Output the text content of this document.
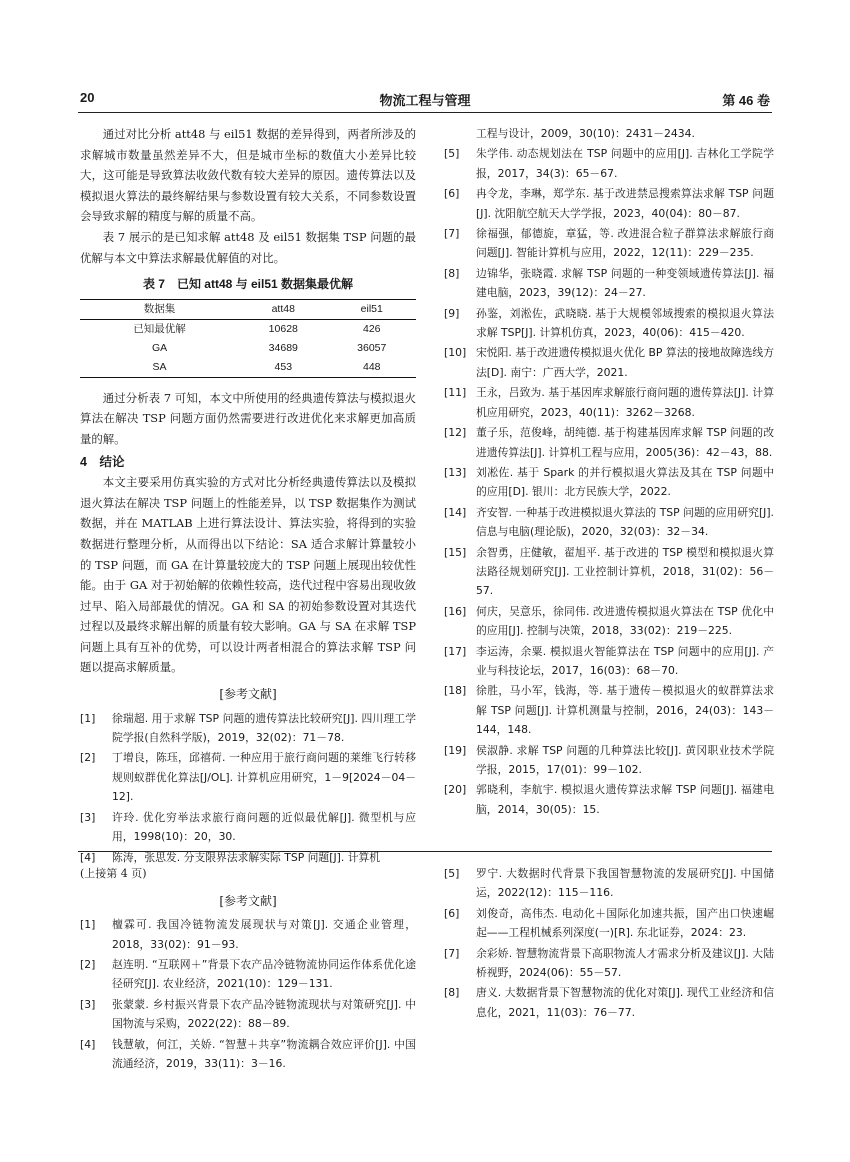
20	物流工程与管理	第 46 卷

通过对比分析 att48 与 eil51 数据的差异得到，两者所涉及的求解城市数量虽然差异不大，但是城市坐标的数值大小差异比较大，这可能是导致算法收敛代数有较大差异的原因。遗传算法以及模拟退火算法的最终解结果与参数设置有较大关系，不同参数设置会导致求解的精度与解的质量不高。

表 7 展示的是已知求解 att48 及 eil51 数据集 TSP 问题的最优解与本文中算法求解最优解值的对比。

表 7　已知 att48 与 eil51 数据集最优解
数据集	att48	eil51
已知最优解	10628	426
GA	34689	36057
SA	453	448

通过分析表 7 可知，本文中所使用的经典遗传算法与模拟退火算法在解决 TSP 问题方面仍然需要进行改进优化来求解更加高质量的解。

4　结论

本文主要采用仿真实验的方式对比分析经典遗传算法以及模拟退火算法在解决 TSP 问题上的性能差异，以 TSP 数据集作为测试数据，并在 MATLAB 上进行算法设计、算法实验，将得到的实验数据进行整理分析，从而得出以下结论：SA 适合求解计算量较小的 TSP 问题，而 GA 在计算量较庞大的 TSP 问题上展现出较优性能。由于 GA 对于初始解的依赖性较高，迭代过程中容易出现收敛过早、陷入局部最优的情况。GA 和 SA 的初始参数设置对其迭代过程以及最终求解出解的质量有较大影响。GA 与 SA 在求解 TSP 问题上具有互补的优势，可以设计两者相混合的算法求解 TSP 问题以提高求解质量。

[参考文献]
[1] 徐瑞超. 用于求解 TSP 问题的遗传算法比较研究[J]. 四川理工学院学报(自然科学版)，2019，32(02)：71－78.
[2] 丁增良，陈珏，邱禧荷. 一种应用于旅行商问题的莱维飞行转移规则蚁群优化算法[J/OL]. 计算机应用研究，1－9[2024－04－12].
[3] 许玲. 优化穷举法求旅行商问题的近似最优解[J]. 微型机与应用，1998(10)：20，30.
[4] 陈涛，张思发. 分支限界法求解实际 TSP 问题[J]. 计算机
工程与设计，2009，30(10)：2431－2434.
[5] 朱学伟. 动态规划法在 TSP 问题中的应用[J]. 吉林化工学院学报，2017，34(3)：65－67.
[6] 冉令龙，李琳，郑学东. 基于改进禁忌搜索算法求解 TSP 问题[J]. 沈阳航空航天大学学报，2023，40(04)：80－87.
[7] 徐福强，郁德旋，章猛，等. 改进混合粒子群算法求解旅行商问题[J]. 智能计算机与应用，2022，12(11)：229－235.
[8] 边锦华，张晓霞. 求解 TSP 问题的一种变领域遗传算法[J]. 福建电脑，2023，39(12)：24－27.
[9] 孙鉴，刘淞佐，武晓晓. 基于大规模邻域搜索的模拟退火算法求解 TSP[J]. 计算机仿真，2023，40(06)：415－420.
[10] 宋悦阳. 基于改进遗传模拟退火优化 BP 算法的接地故障选线方法[D]. 南宁：广西大学，2021.
[11] 王永，吕致为. 基于基因库求解旅行商问题的遗传算法[J]. 计算机应用研究，2023，40(11)：3262－3268.
[12] 董子乐，范俊峰，胡纯德. 基于构建基因库求解 TSP 问题的改进遗传算法[J]. 计算机工程与应用，2005(36)：42－43，88.
[13] 刘凇佐. 基于 Spark 的并行模拟退火算法及其在 TSP 问题中的应用[D]. 银川：北方民族大学，2022.
[14] 齐安智. 一种基于改进模拟退火算法的 TSP 问题的应用研究[J]. 信息与电脑(理论版)，2020，32(03)：32－34.
[15] 余智勇，庄健敏，翟旭平. 基于改进的 TSP 模型和模拟退火算法路径规划研究[J]. 工业控制计算机，2018，31(02)：56－57.
[16] 何庆，吴意乐，徐同伟. 改进遗传模拟退火算法在 TSP 优化中的应用[J]. 控制与决策，2018，33(02)：219－225.
[17] 李运涛，余粟. 模拟退火智能算法在 TSP 问题中的应用[J]. 产业与科技论坛，2017，16(03)：68－70.
[18] 徐胜，马小军，钱海，等. 基于遗传－模拟退火的蚁群算法求解 TSP 问题[J]. 计算机测量与控制，2016，24(03)：143－144，148.
[19] 侯淑静. 求解 TSP 问题的几种算法比较[J]. 黄冈职业技术学院学报，2015，17(01)：99－102.
[20] 郭晓利，李航宇. 模拟退火遗传算法求解 TSP 问题[J]. 福建电脑，2014，30(05)：15.
(上接第 4 页)
[参考文献]
[1] 檀霖可. 我国冷链物流发展现状与对策[J]. 交通企业管理，2018，33(02)：91－93.
[2] 赵连明. “互联网＋”背景下农产品冷链物流协同运作体系优化途径研究[J]. 农业经济，2021(10)：129－131.
[3] 张蒙蒙. 乡村振兴背景下农产品冷链物流现状与对策研究[J]. 中国物流与采购，2022(22)：88－89.
[4] 钱慧敏，何江，关娇. “智慧＋共享”物流耦合效应评价[J]. 中国流通经济，2019，33(11)：3－16.
[5] 罗宁. 大数据时代背景下我国智慧物流的发展研究[J]. 中国储运，2022(12)：115－116.
[6] 刘俊奇，高伟杰. 电动化＋国际化加速共振，国产出口快速崛起——工程机械系列深度(一)[R]. 东北证券，2024：23.
[7] 余彩娇. 智慧物流背景下高职物流人才需求分析及建议[J]. 大陆桥视野，2024(06)：55－57.
[8] 唐义. 大数据背景下智慧物流的优化对策[J]. 现代工业经济和信息化，2021，11(03)：76－77.
